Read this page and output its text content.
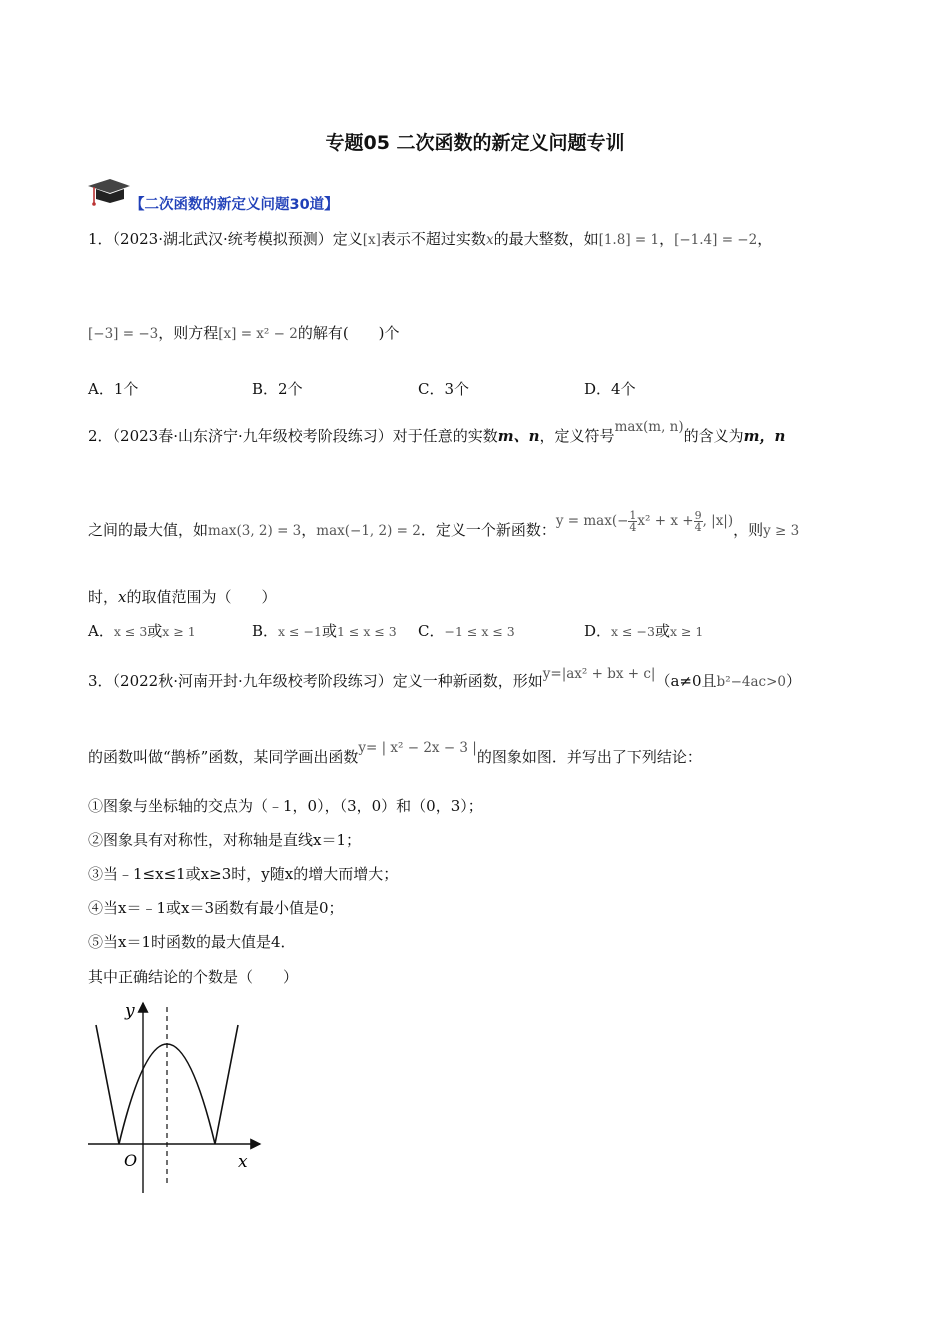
专题05 二次函数的新定义问题专训
【二次函数的新定义问题30道】
1．（2023·湖北武汉·统考模拟预测）定义[x]表示不超过实数x的最大整数，如[1.8] = 1，[−1.4] = −2，
[−3] = −3，则方程[x] = x² − 2的解有(　　)个
A．1个	B．2个	C．3个	D．4个
2．（2023春·山东济宁·九年级校考阶段练习）对于任意的实数m、n，定义符号max(m, n)的含义为m，n
之间的最大值，如max(3, 2) = 3，max(−1, 2) = 2．定义一个新函数：$y = \max(- \frac{1}{4} x^2 + x + \frac{9}{4}$ , |x|)，则y ≥ 3
时，x的取值范围为（　　）
A．x ≤ 3或x ≥ 1	B．x ≤ −1或1 ≤ x ≤ 3 C．−1 ≤ x ≤ 3	D．x ≤ −3或x ≥ 1
3．（2022秋·河南开封·九年级校考阶段练习）定义一种新函数，形如y=|ax² + bx + c|（a≠0且b²−4ac>0）
的函数叫做“鹊桥”函数，某同学画出函数y= | x² − 2x − 3 |的图象如图．并写出了下列结论：
①图象与坐标轴的交点为（﹣1，0），（3，0）和（0，3）；
②图象具有对称性，对称轴是直线x＝1；
③当﹣1≤x≤1或x≥3时，y随x的增大而增大；
④当x＝﹣1或x＝3函数有最小值是0；
⑤当x＝1时函数的最大值是4．
其中正确结论的个数是（　　）
y
x
O
